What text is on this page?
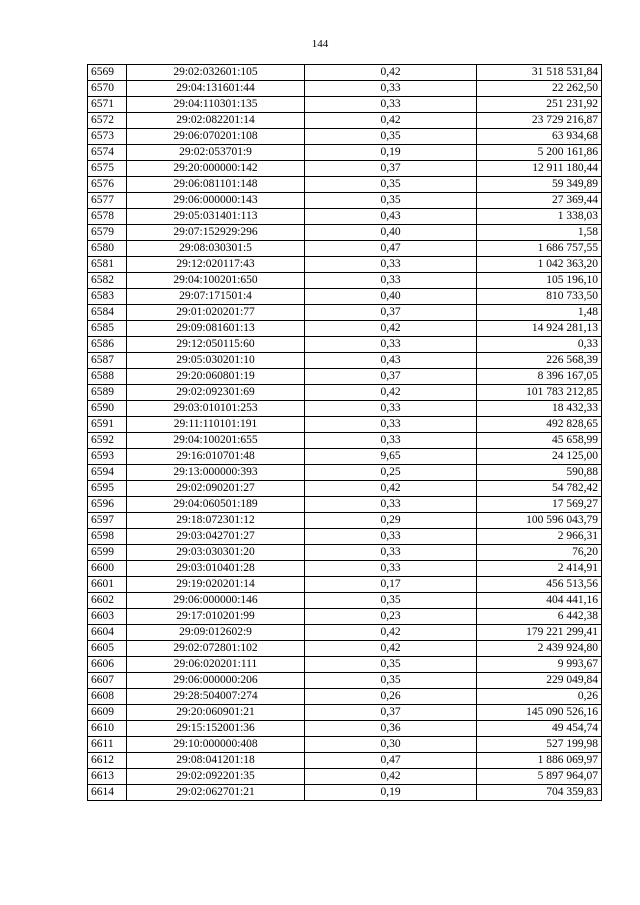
144
6569	29:02:032601:105	0,42	31 518 531,84
6570	29:04:131601:44	0,33	22 262,50
6571	29:04:110301:135	0,33	251 231,92
6572	29:02:082201:14	0,42	23 729 216,87
6573	29:06:070201:108	0,35	63 934,68
6574	29:02:053701:9	0,19	5 200 161,86
6575	29:20:000000:142	0,37	12 911 180,44
6576	29:06:081101:148	0,35	59 349,89
6577	29:06:000000:143	0,35	27 369,44
6578	29:05:031401:113	0,43	1 338,03
6579	29:07:152929:296	0,40	1,58
6580	29:08:030301:5	0,47	1 686 757,55
6581	29:12:020117:43	0,33	1 042 363,20
6582	29:04:100201:650	0,33	105 196,10
6583	29:07:171501:4	0,40	810 733,50
6584	29:01:020201:77	0,37	1,48
6585	29:09:081601:13	0,42	14 924 281,13
6586	29:12:050115:60	0,33	0,33
6587	29:05:030201:10	0,43	226 568,39
6588	29:20:060801:19	0,37	8 396 167,05
6589	29:02:092301:69	0,42	101 783 212,85
6590	29:03:010101:253	0,33	18 432,33
6591	29:11:110101:191	0,33	492 828,65
6592	29:04:100201:655	0,33	45 658,99
6593	29:16:010701:48	9,65	24 125,00
6594	29:13:000000:393	0,25	590,88
6595	29:02:090201:27	0,42	54 782,42
6596	29:04:060501:189	0,33	17 569,27
6597	29:18:072301:12	0,29	100 596 043,79
6598	29:03:042701:27	0,33	2 966,31
6599	29:03:030301:20	0,33	76,20
6600	29:03:010401:28	0,33	2 414,91
6601	29:19:020201:14	0,17	456 513,56
6602	29:06:000000:146	0,35	404 441,16
6603	29:17:010201:99	0,23	6 442,38
6604	29:09:012602:9	0,42	179 221 299,41
6605	29:02:072801:102	0,42	2 439 924,80
6606	29:06:020201:111	0,35	9 993,67
6607	29:06:000000:206	0,35	229 049,84
6608	29:28:504007:274	0,26	0,26
6609	29:20:060901:21	0,37	145 090 526,16
6610	29:15:152001:36	0,36	49 454,74
6611	29:10:000000:408	0,30	527 199,98
6612	29:08:041201:18	0,47	1 886 069,97
6613	29:02:092201:35	0,42	5 897 964,07
6614	29:02:062701:21	0,19	704 359,83
